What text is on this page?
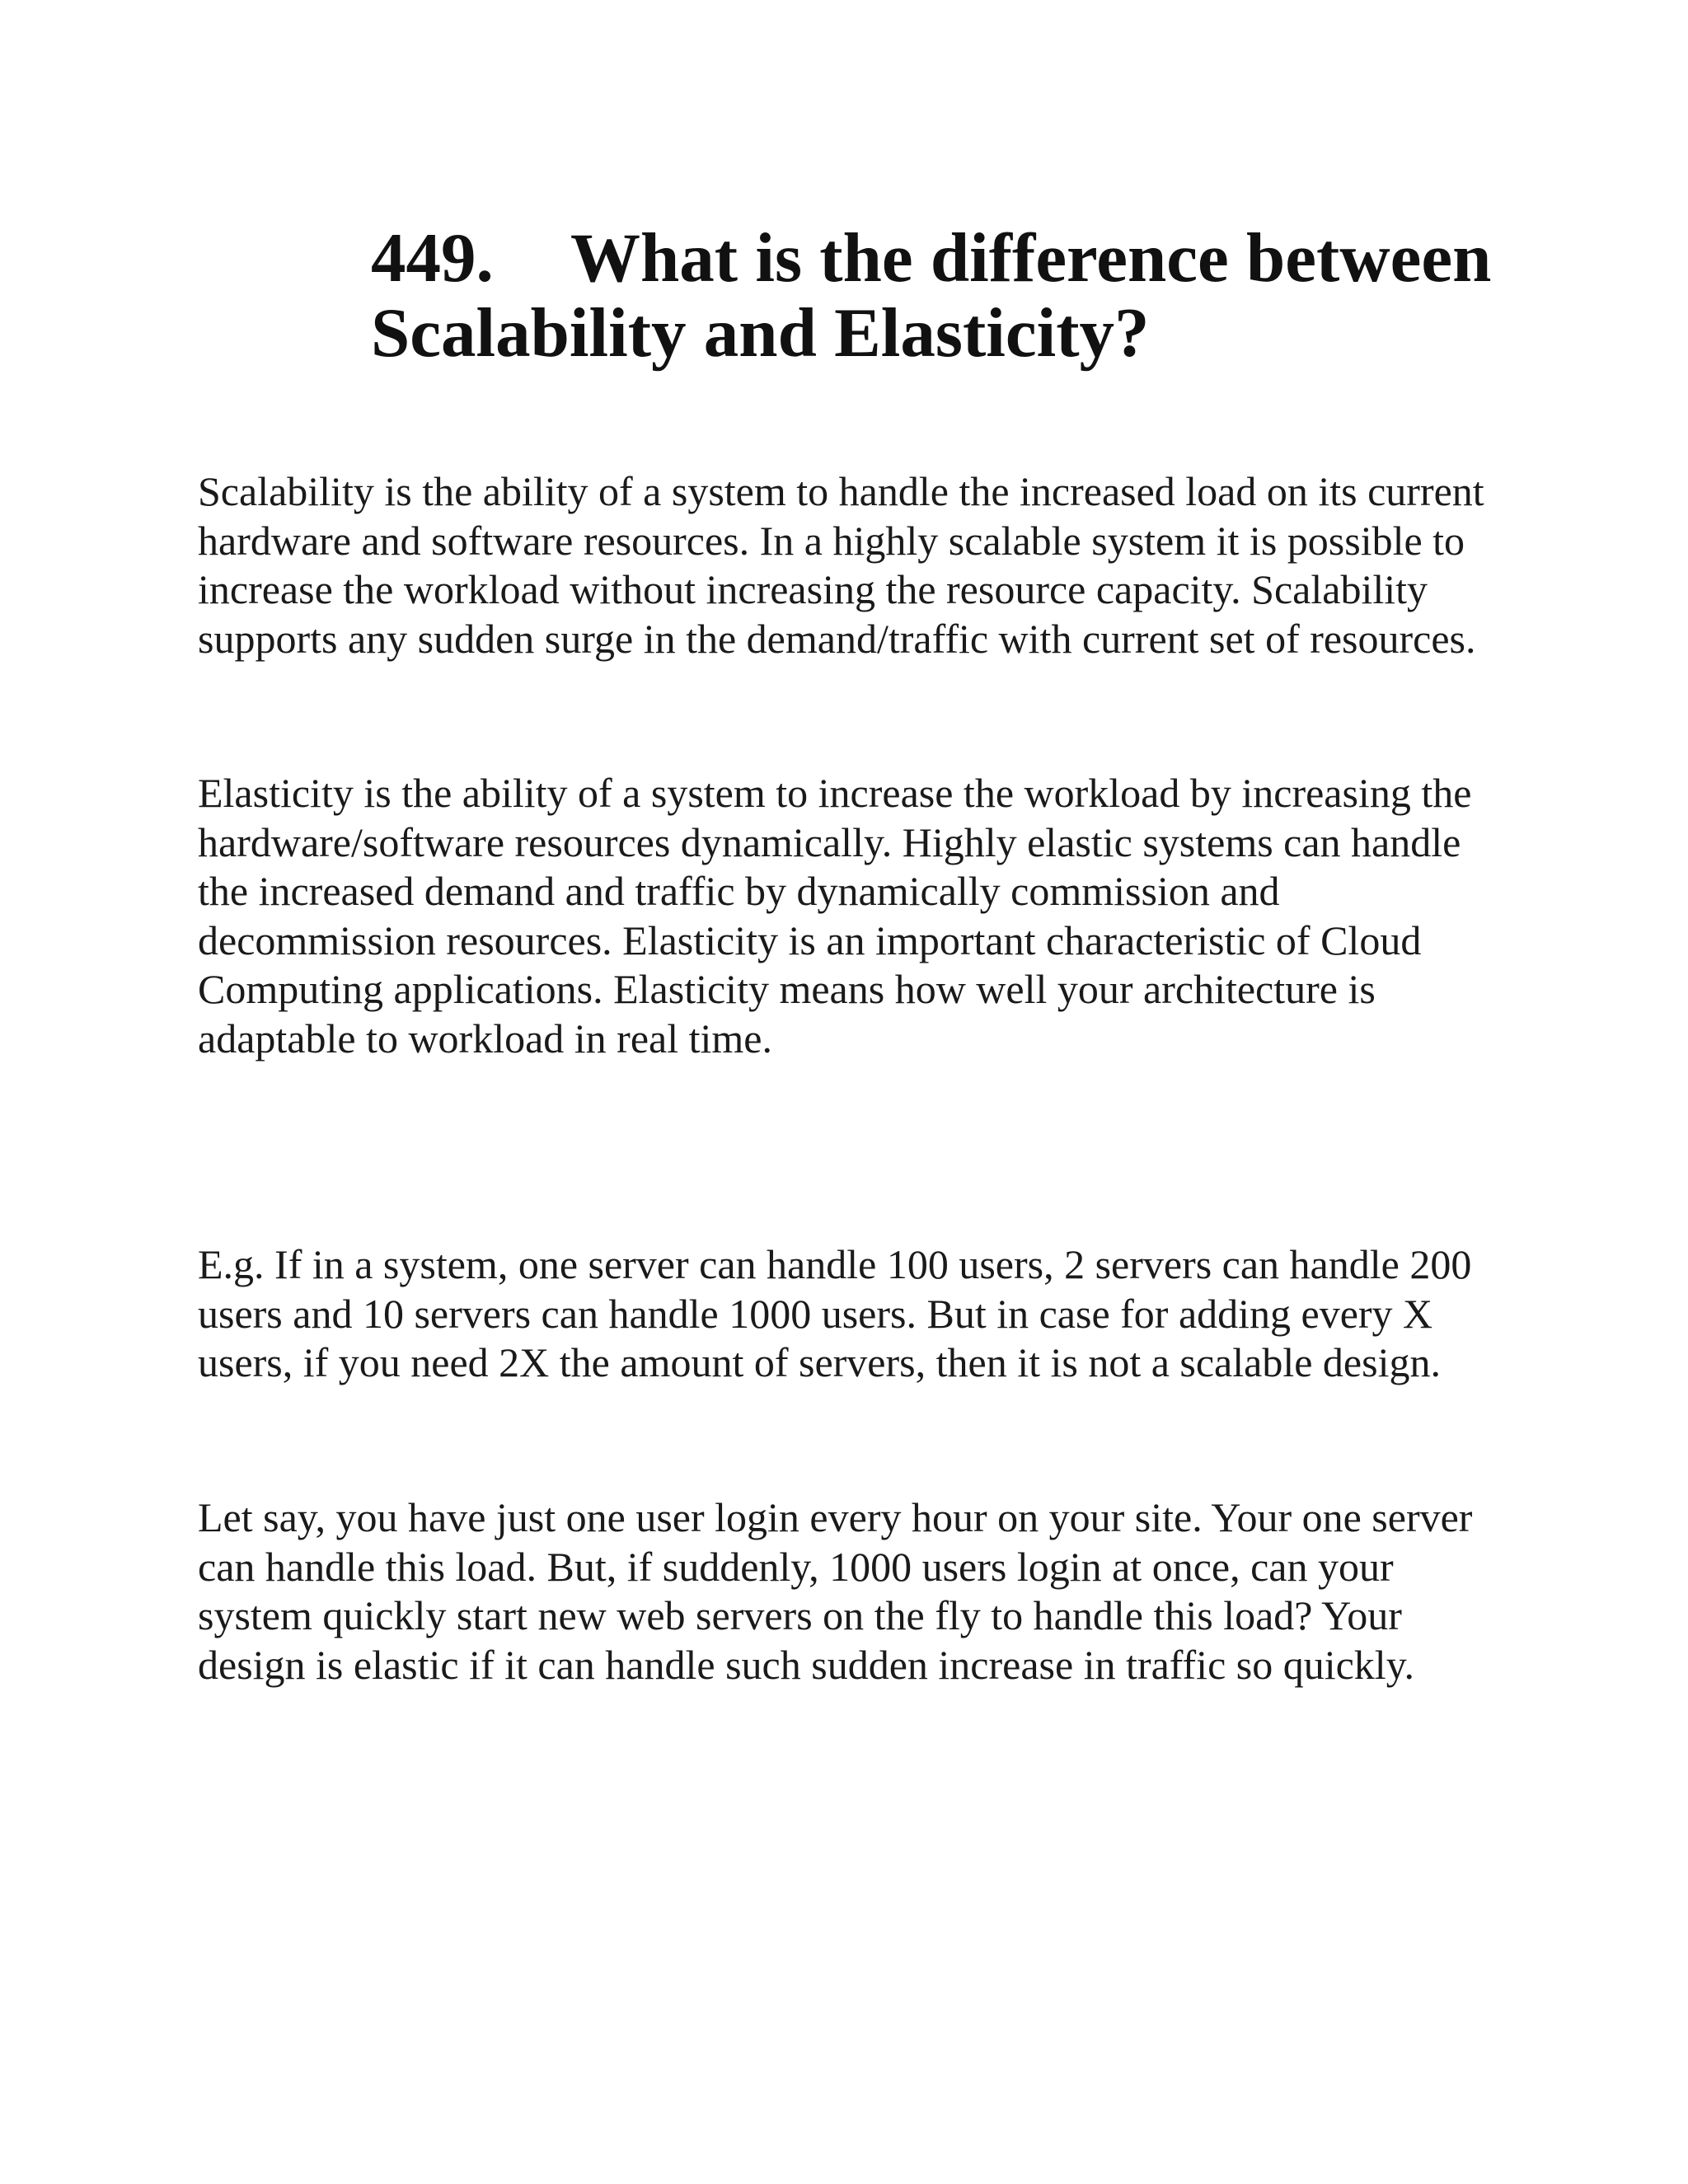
449. What is the difference between
Scalability and Elasticity?

Scalability is the ability of a system to handle the increased load on its current
hardware and software resources. In a highly scalable system it is possible to
increase the workload without increasing the resource capacity. Scalability
supports any sudden surge in the demand/traffic with current set of resources.

Elasticity is the ability of a system to increase the workload by increasing the
hardware/software resources dynamically. Highly elastic systems can handle
the increased demand and traffic by dynamically commission and
decommission resources. Elasticity is an important characteristic of Cloud
Computing applications. Elasticity means how well your architecture is
adaptable to workload in real time.

E.g. If in a system, one server can handle 100 users, 2 servers can handle 200
users and 10 servers can handle 1000 users. But in case for adding every X
users, if you need 2X the amount of servers, then it is not a scalable design.

Let say, you have just one user login every hour on your site. Your one server
can handle this load. But, if suddenly, 1000 users login at once, can your
system quickly start new web servers on the fly to handle this load? Your
design is elastic if it can handle such sudden increase in traffic so quickly.
